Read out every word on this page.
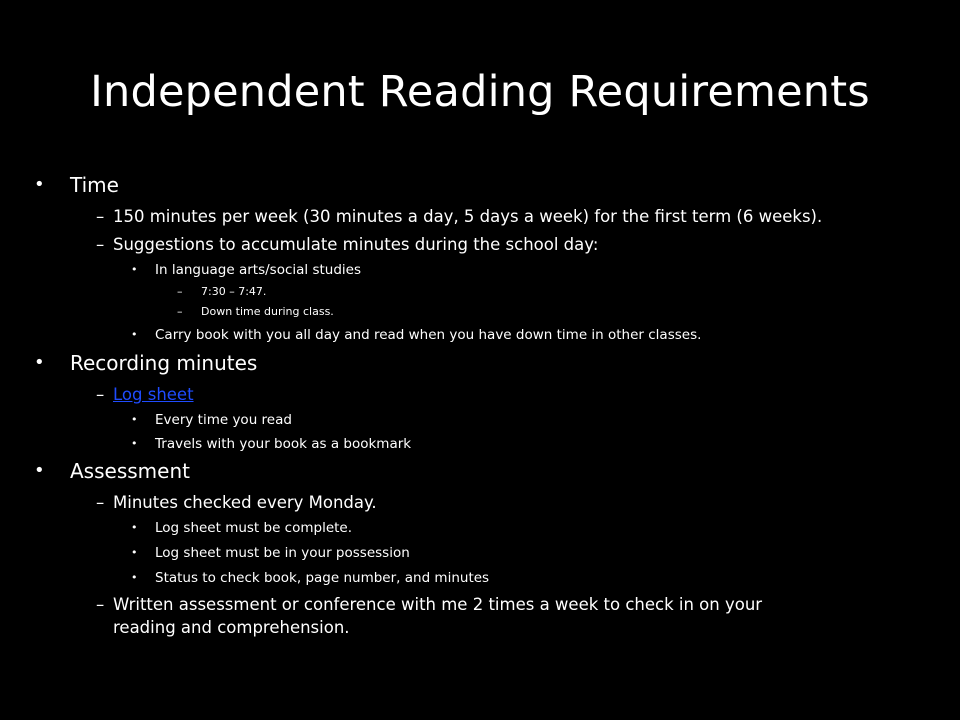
Independent Reading Requirements
• Time
– 150 minutes per week (30 minutes a day, 5 days a week) for the first term (6 weeks).
– Suggestions to accumulate minutes during the school day:
• In language arts/social studies
– 7:30 – 7:47.
– Down time during class.
• Carry book with you all day and read when you have down time in other classes.
• Recording minutes
– Log sheet
• Every time you read
• Travels with your book as a bookmark
• Assessment
– Minutes checked every Monday.
• Log sheet must be complete.
• Log sheet must be in your possession
• Status to check book, page number, and minutes
– Written assessment or conference with me 2 times a week to check in on your
reading and comprehension.
